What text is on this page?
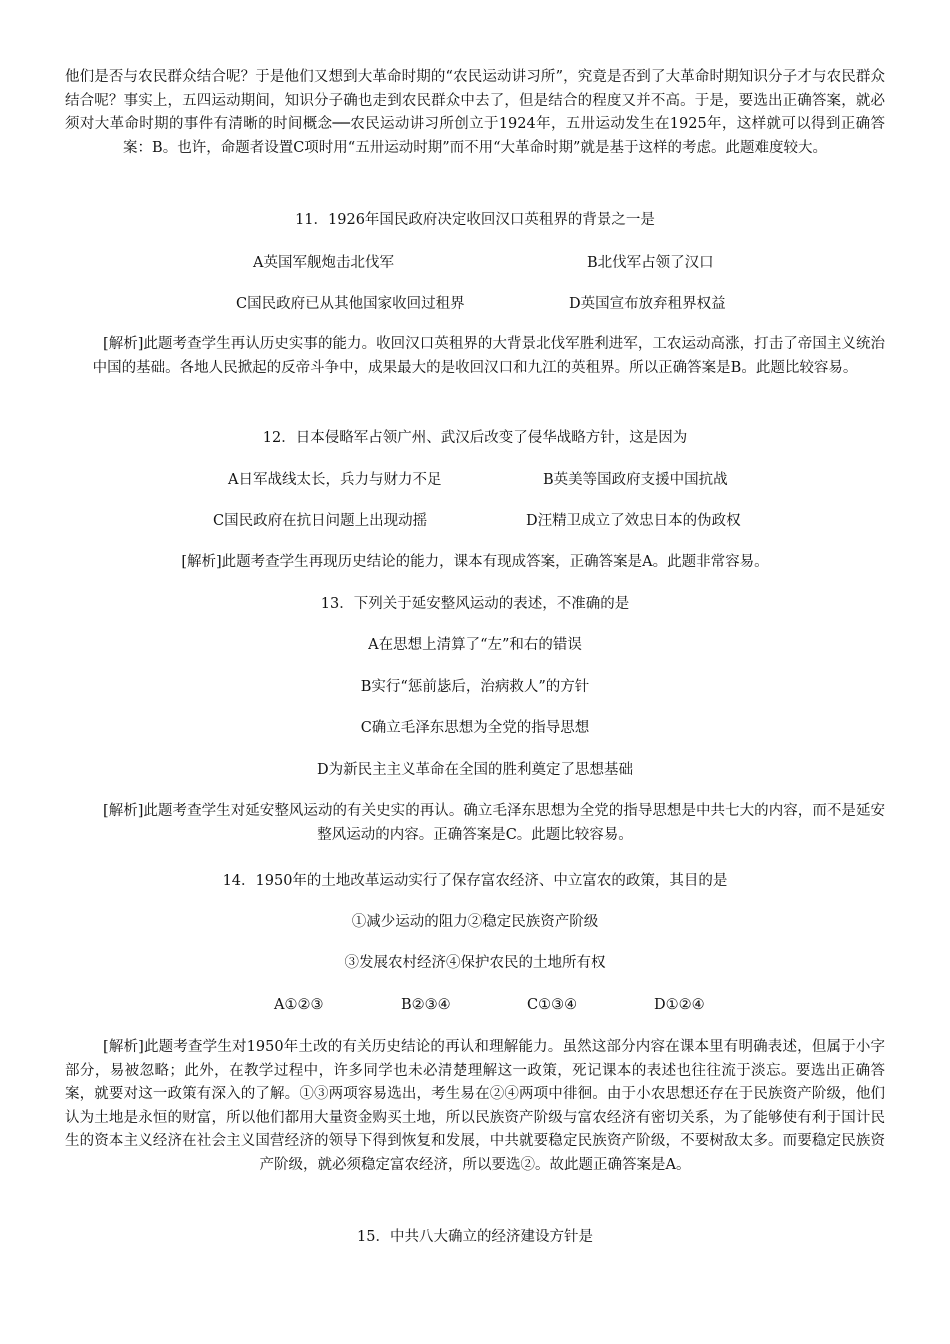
他们是否与农民群众结合呢？于是他们又想到大革命时期的“农民运动讲习所”，究竟是否到了大革命时期知识分子才与农民群众结合呢？事实上，五四运动期间，知识分子确也走到农民群众中去了，但是结合的程度又并不高。于是，要选出正确答案，就必须对大革命时期的事件有清晰的时间概念──农民运动讲习所创立于1924年，五卅运动发生在1925年，这样就可以得到正确答案：B。也许，命题者设置C项时用“五卅运动时期”而不用“大革命时期”就是基于这样的考虑。此题难度较大。
11．1926年国民政府决定收回汉口英租界的背景之一是
A英国军舰炮击北伐军	B北伐军占领了汉口
C国民政府已从其他国家收回过租界	D英国宣布放弃租界权益
[解析]此题考查学生再认历史实事的能力。收回汉口英租界的大背景北伐军胜利进军，工农运动高涨，打击了帝国主义统治中国的基础。各地人民掀起的反帝斗争中，成果最大的是收回汉口和九江的英租界。所以正确答案是B。此题比较容易。
12．日本侵略军占领广州、武汉后改变了侵华战略方针，这是因为
A日军战线太长，兵力与财力不足	B英美等国政府支援中国抗战
C国民政府在抗日问题上出现动摇	D汪精卫成立了效忠日本的伪政权
[解析]此题考查学生再现历史结论的能力，课本有现成答案，正确答案是A。此题非常容易。
13．下列关于延安整风运动的表述，不准确的是
A在思想上清算了“左”和右的错误
B实行“惩前毖后，治病救人”的方针
C确立毛泽东思想为全党的指导思想
D为新民主主义革命在全国的胜利奠定了思想基础
[解析]此题考查学生对延安整风运动的有关史实的再认。确立毛泽东思想为全党的指导思想是中共七大的内容，而不是延安整风运动的内容。正确答案是C。此题比较容易。
14．1950年的土地改革运动实行了保存富农经济、中立富农的政策，其目的是
①减少运动的阻力②稳定民族资产阶级
③发展农村经济④保护农民的土地所有权
A①②③	B②③④	C①③④	D①②④
[解析]此题考查学生对1950年土改的有关历史结论的再认和理解能力。虽然这部分内容在课本里有明确表述，但属于小字部分，易被忽略；此外，在教学过程中，许多同学也未必清楚理解这一政策，死记课本的表述也往往流于淡忘。要选出正确答案，就要对这一政策有深入的了解。①③两项容易选出，考生易在②④两项中徘徊。由于小农思想还存在于民族资产阶级，他们认为土地是永恒的财富，所以他们都用大量资金购买土地，所以民族资产阶级与富农经济有密切关系，为了能够使有利于国计民生的资本主义经济在社会主义国营经济的领导下得到恢复和发展，中共就要稳定民族资产阶级，不要树敌太多。而要稳定民族资产阶级，就必须稳定富农经济，所以要选②。故此题正确答案是A。
15．中共八大确立的经济建设方针是
